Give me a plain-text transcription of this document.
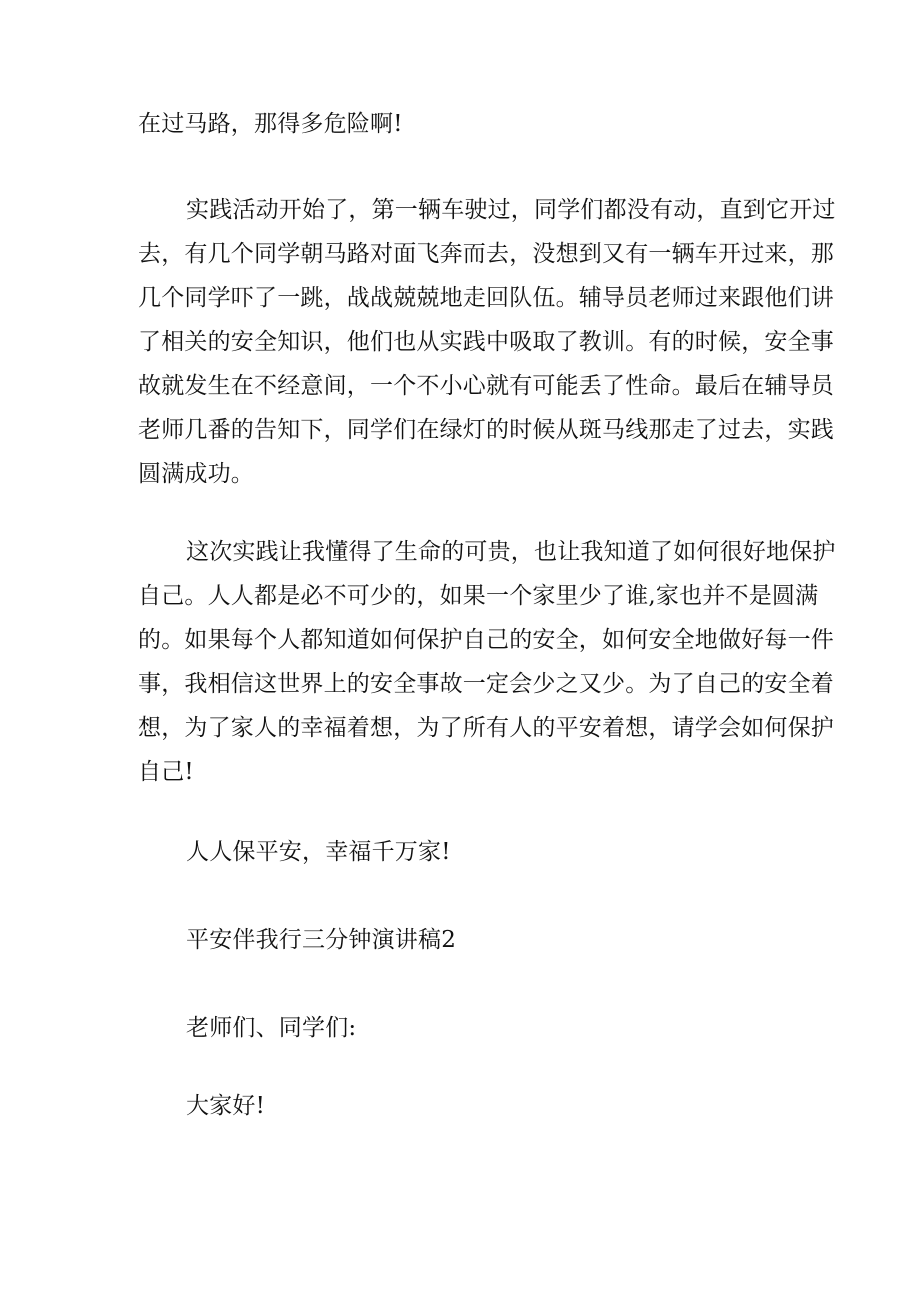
在过马路，那得多危险啊!
实践活动开始了，第一辆车驶过，同学们都没有动，直到它开过
去，有几个同学朝马路对面飞奔而去，没想到又有一辆车开过来，那
几个同学吓了一跳，战战兢兢地走回队伍。辅导员老师过来跟他们讲
了相关的安全知识，他们也从实践中吸取了教训。有的时候，安全事
故就发生在不经意间，一个不小心就有可能丢了性命。最后在辅导员
老师几番的告知下，同学们在绿灯的时候从斑马线那走了过去，实践
圆满成功。
这次实践让我懂得了生命的可贵，也让我知道了如何很好地保护
自己。人人都是必不可少的，如果一个家里少了谁,家也并不是圆满
的。如果每个人都知道如何保护自己的安全，如何安全地做好每一件
事，我相信这世界上的安全事故一定会少之又少。为了自己的安全着
想，为了家人的幸福着想，为了所有人的平安着想，请学会如何保护
自己!
人人保平安，幸福千万家!
平安伴我行三分钟演讲稿2
老师们、同学们:
大家好!
